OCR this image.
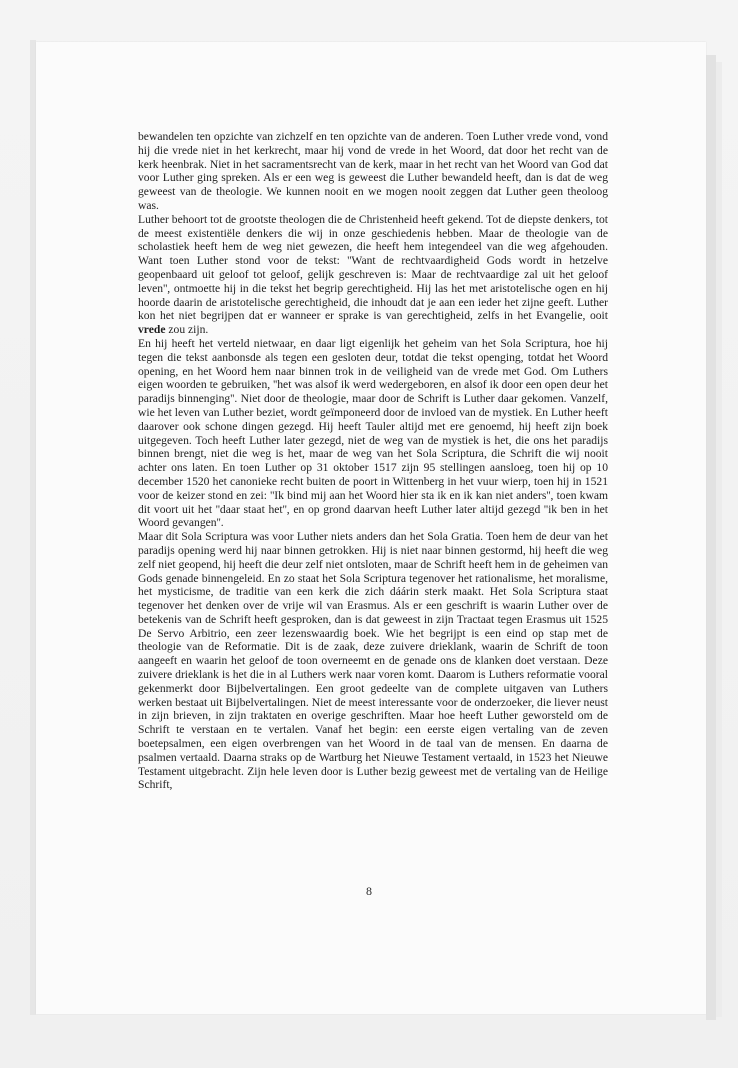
bewandelen ten opzichte van zichzelf en ten opzichte van de anderen. Toen Luther vrede vond, vond hij die vrede niet in het kerkrecht, maar hij vond de vrede in het Woord, dat door het recht van de kerk heenbrak. Niet in het sacramentsrecht van de kerk, maar in het recht van het Woord van God dat voor Luther ging spreken. Als er een weg is geweest die Luther bewandeld heeft, dan is dat de weg geweest van de theologie. We kunnen nooit en we mogen nooit zeggen dat Luther geen theoloog was.

Luther behoort tot de grootste theologen die de Christenheid heeft gekend. Tot de diepste denkers, tot de meest existentiële denkers die wij in onze geschiedenis hebben. Maar de theologie van de scholastiek heeft hem de weg niet gewezen, die heeft hem integendeel van die weg afgehouden. Want toen Luther stond voor de tekst: ''Want de rechtvaardigheid Gods wordt in hetzelve geopenbaard uit geloof tot geloof, gelijk geschreven is: Maar de rechtvaardige zal uit het geloof leven'', ontmoette hij in die tekst het begrip gerechtigheid. Hij las het met aristotelische ogen en hij hoorde daarin de aristotelische gerechtigheid, die inhoudt dat je aan een ieder het zijne geeft. Luther kon het niet begrijpen dat er wanneer er sprake is van gerechtigheid, zelfs in het Evangelie, ooit vrede zou zijn.

En hij heeft het verteld nietwaar, en daar ligt eigenlijk het geheim van het Sola Scriptura, hoe hij tegen die tekst aanbonsde als tegen een gesloten deur, totdat die tekst openging, totdat het Woord opening, en het Woord hem naar binnen trok in de veiligheid van de vrede met God. Om Luthers eigen woorden te gebruiken, ''het was alsof ik werd wedergeboren, en alsof ik door een open deur het paradijs binnenging''. Niet door de theologie, maar door de Schrift is Luther daar gekomen. Vanzelf, wie het leven van Luther beziet, wordt geïmponeerd door de invloed van de mystiek. En Luther heeft daarover ook schone dingen gezegd. Hij heeft Tauler altijd met ere genoemd, hij heeft zijn boek uitgegeven. Toch heeft Luther later gezegd, niet de weg van de mystiek is het, die ons het paradijs binnen brengt, niet die weg is het, maar de weg van het Sola Scriptura, die Schrift die wij nooit achter ons laten. En toen Luther op 31 oktober 1517 zijn 95 stellingen aansloeg, toen hij op 10 december 1520 het canonieke recht buiten de poort in Wittenberg in het vuur wierp, toen hij in 1521 voor de keizer stond en zei: ''Ik bind mij aan het Woord hier sta ik en ik kan niet anders'', toen kwam dit voort uit het ''daar staat het'', en op grond daarvan heeft Luther later altijd gezegd ''ik ben in het Woord gevangen''.

Maar dit Sola Scriptura was voor Luther niets anders dan het Sola Gratia. Toen hem de deur van het paradijs opening werd hij naar binnen getrokken. Hij is niet naar binnen gestormd, hij heeft die weg zelf niet geopend, hij heeft die deur zelf niet ontsloten, maar de Schrift heeft hem in de geheimen van Gods genade binnengeleid. En zo staat het Sola Scriptura tegenover het rationalisme, het moralisme, het mysticisme, de traditie van een kerk die zich dáárin sterk maakt. Het Sola Scriptura staat tegenover het denken over de vrije wil van Erasmus. Als er een geschrift is waarin Luther over de betekenis van de Schrift heeft gesproken, dan is dat geweest in zijn Tractaat tegen Erasmus uit 1525 De Servo Arbitrio, een zeer lezenswaardig boek. Wie het begrijpt is een eind op stap met de theologie van de Reformatie. Dit is de zaak, deze zuivere drieklank, waarin de Schrift de toon aangeeft en waarin het geloof de toon overneemt en de genade ons de klanken doet verstaan. Deze zuivere drieklank is het die in al Luthers werk naar voren komt. Daarom is Luthers reformatie vooral gekenmerkt door Bijbelvertalingen. Een groot gedeelte van de complete uitgaven van Luthers werken bestaat uit Bijbelvertalingen. Niet de meest interessante voor de onderzoeker, die liever neust in zijn brieven, in zijn traktaten en overige geschriften. Maar hoe heeft Luther geworsteld om de Schrift te verstaan en te vertalen. Vanaf het begin: een eerste eigen vertaling van de zeven boetepsalmen, een eigen overbrengen van het Woord in de taal van de mensen. En daarna de psalmen vertaald. Daarna straks op de Wartburg het Nieuwe Testament vertaald, in 1523 het Nieuwe Testament uitgebracht. Zijn hele leven door is Luther bezig geweest met de vertaling van de Heilige Schrift,

8
